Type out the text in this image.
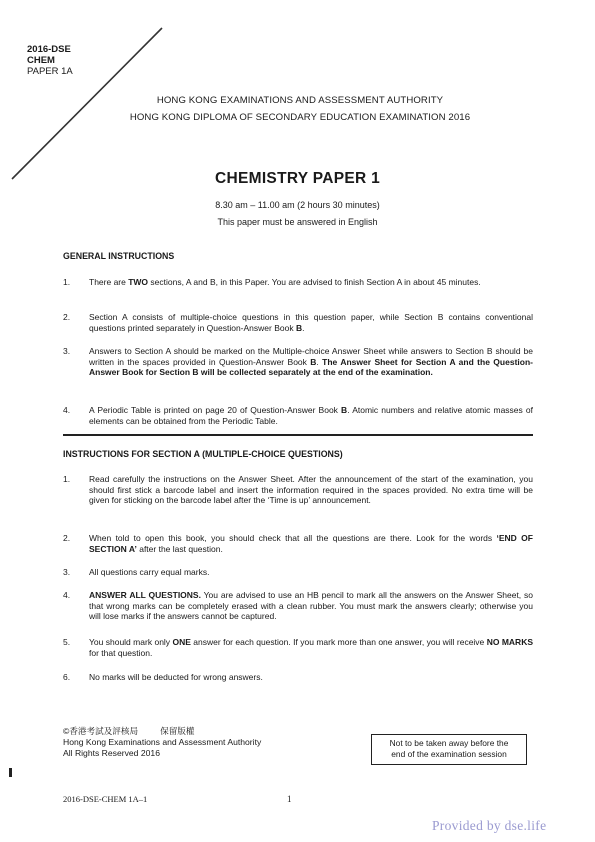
2016-DSE
CHEM
PAPER 1A
HONG KONG EXAMINATIONS AND ASSESSMENT AUTHORITY
HONG KONG DIPLOMA OF SECONDARY EDUCATION EXAMINATION 2016
CHEMISTRY PAPER 1
8.30 am – 11.00 am (2 hours 30 minutes)
This paper must be answered in English
GENERAL INSTRUCTIONS
1. There are TWO sections, A and B, in this Paper. You are advised to finish Section A in about 45 minutes.
2. Section A consists of multiple-choice questions in this question paper, while Section B contains conventional questions printed separately in Question-Answer Book B.
3. Answers to Section A should be marked on the Multiple-choice Answer Sheet while answers to Section B should be written in the spaces provided in Question-Answer Book B. The Answer Sheet for Section A and the Question-Answer Book for Section B will be collected separately at the end of the examination.
4. A Periodic Table is printed on page 20 of Question-Answer Book B. Atomic numbers and relative atomic masses of elements can be obtained from the Periodic Table.
INSTRUCTIONS FOR SECTION A (MULTIPLE-CHOICE QUESTIONS)
1. Read carefully the instructions on the Answer Sheet. After the announcement of the start of the examination, you should first stick a barcode label and insert the information required in the spaces provided. No extra time will be given for sticking on the barcode label after the ‘Time is up’ announcement.
2. When told to open this book, you should check that all the questions are there. Look for the words ‘END OF SECTION A’ after the last question.
3. All questions carry equal marks.
4. ANSWER ALL QUESTIONS. You are advised to use an HB pencil to mark all the answers on the Answer Sheet, so that wrong marks can be completely erased with a clean rubber. You must mark the answers clearly; otherwise you will lose marks if the answers cannot be captured.
5. You should mark only ONE answer for each question. If you mark more than one answer, you will receive NO MARKS for that question.
6. No marks will be deducted for wrong answers.
©香港考試及評核局	保留版權
Hong Kong Examinations and Assessment Authority
All Rights Reserved 2016
Not to be taken away before the
end of the examination session
2016-DSE-CHEM 1A–1	1
Provided by dse.life
